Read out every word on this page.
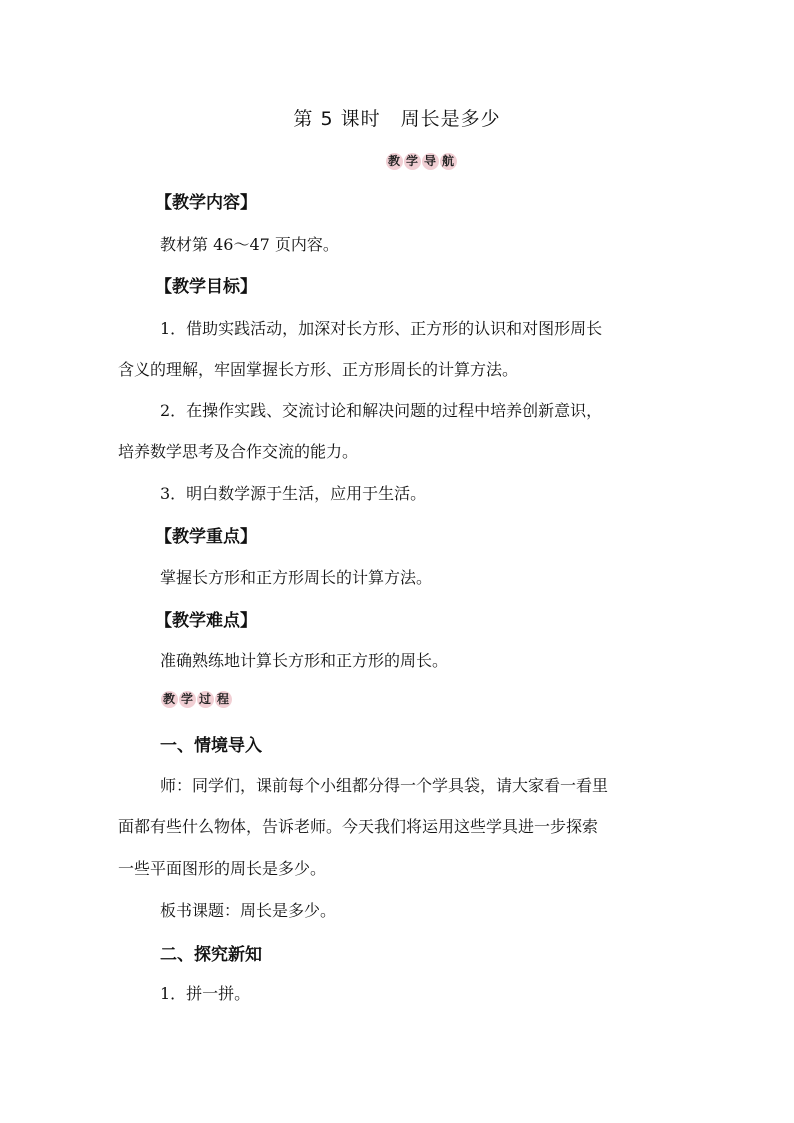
第 5 课时　周长是多少
教 学 导 航
【教学内容】
教材第 46～47 页内容。
【教学目标】
1．借助实践活动，加深对长方形、正方形的认识和对图形周长
含义的理解，牢固掌握长方形、正方形周长的计算方法。
2．在操作实践、交流讨论和解决问题的过程中培养创新意识，
培养数学思考及合作交流的能力。
3．明白数学源于生活，应用于生活。
【教学重点】
掌握长方形和正方形周长的计算方法。
【教学难点】
准确熟练地计算长方形和正方形的周长。
教 学 过 程
一、情境导入
师：同学们，课前每个小组都分得一个学具袋，请大家看一看里
面都有些什么物体，告诉老师。今天我们将运用这些学具进一步探索
一些平面图形的周长是多少。
板书课题：周长是多少。
二、探究新知
1．拼一拼。
